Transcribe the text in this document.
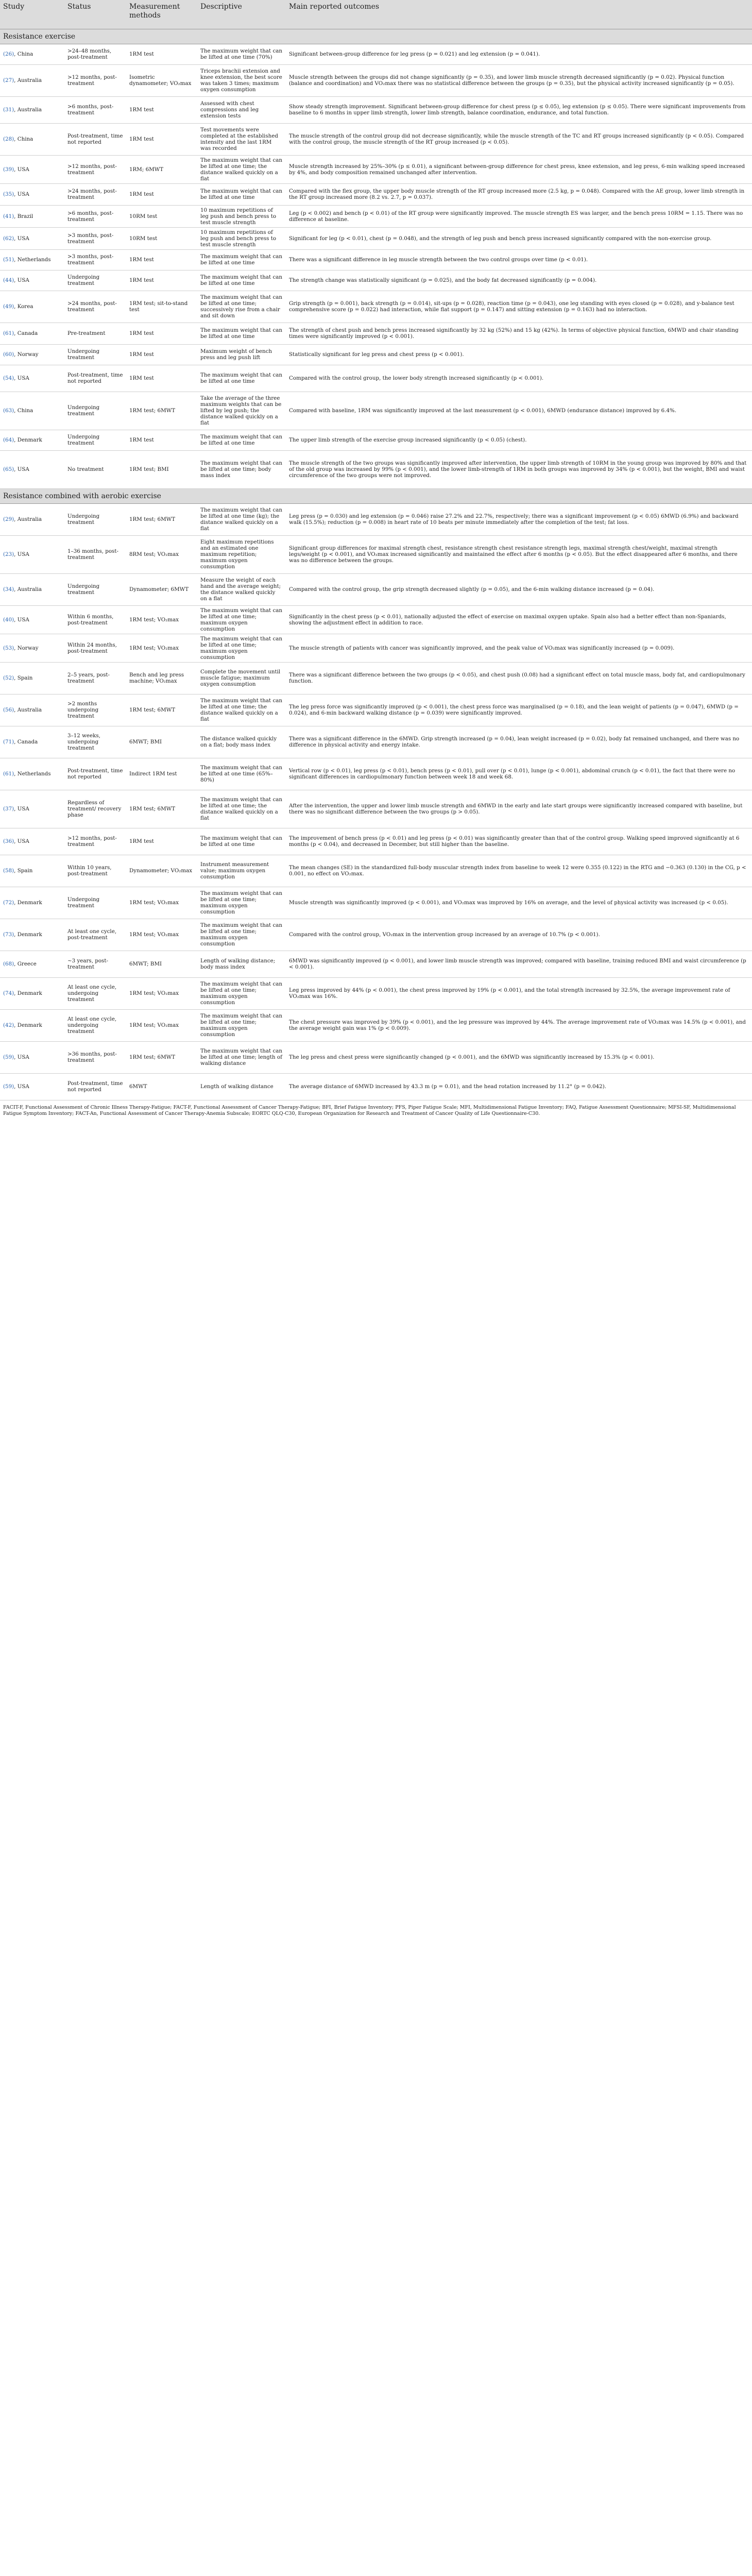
Study	Status	Measurement methods	Descriptive	Main reported outcomes
Resistance exercise				
(26), China	>24–48 months, post-treatment	1RM test	The maximum weight that can be lifted at one time (70%)	Significant between-group difference for leg press (p = 0.021) and leg extension (p = 0.041).
(27), Australia	>12 months, post-treatment	Isometric dynamometer; VO₂max	Triceps brachii extension and knee extension, the best score was taken 3 times; maximum oxygen consumption	Muscle strength between the groups did not change significantly (p = 0.35), and lower limb muscle strength decreased significantly (p = 0.02). Physical function (balance and coordination) and VO₂max there was no statistical difference between the groups (p = 0.35), but the physical activity increased significantly (p = 0.05).
(31), Australia	>6 months, post-treatment	1RM test	Assessed with chest compressions and leg extension tests	Show steady strength improvement. Significant between-group difference for chest press (p ≤ 0.05), leg extension (p ≤ 0.05). There were significant improvements from baseline to 6 months in upper limb strength, lower limb strength, balance coordination, endurance, and total function.
(28), China	Post-treatment, time not reported	1RM test	Test movements were completed at the established intensity and the last 1RM was recorded	The muscle strength of the control group did not decrease significantly, while the muscle strength of the TC and RT groups increased significantly (p < 0.05). Compared with the control group, the muscle strength of the RT group increased (p < 0.05).
(39), USA	>12 months, post-treatment	1RM; 6MWT	The maximum weight that can be lifted at one time; the distance walked quickly on a flat	Muscle strength increased by 25%–30% (p ≤ 0.01), a significant between-group difference for chest press, knee extension, and leg press, 6-min walking speed increased by 4%, and body composition remained unchanged after intervention.
(35), USA	>24 months, post-treatment	1RM test	The maximum weight that can be lifted at one time	Compared with the flex group, the upper body muscle strength of the RT group increased more (2.5 kg, p = 0.048). Compared with the AE group, lower limb strength in the RT group increased more (8.2 vs. 2.7, p = 0.037).
(41), Brazil	>6 months, post-treatment	10RM test	10 maximum repetitions of leg push and bench press to test muscle strength	Leg (p < 0.002) and bench (p < 0.01) of the RT group were significantly improved. The muscle strength ES was larger, and the bench press 10RM = 1.15. There was no difference at baseline.
(62), USA	>3 months, post-treatment	10RM test	10 maximum repetitions of leg push and bench press to test muscle strength	Significant for leg (p < 0.01), chest (p = 0.048), and the strength of leg push and bench press increased significantly compared with the non-exercise group.
(51), Netherlands	>3 months, post-treatment	1RM test	The maximum weight that can be lifted at one time	There was a significant difference in leg muscle strength between the two control groups over time (p < 0.01).
(44), USA	Undergoing treatment	1RM test	The maximum weight that can be lifted at one time	The strength change was statistically significant (p = 0.025), and the body fat decreased significantly (p = 0.004).
(49), Korea	>24 months, post-treatment	1RM test; sit-to-stand test	The maximum weight that can be lifted at one time; successively rise from a chair and sit down	Grip strength (p = 0.001), back strength (p = 0.014), sit-ups (p = 0.028), reaction time (p = 0.043), one leg standing with eyes closed (p = 0.028), and y-balance test comprehensive score (p = 0.022) had interaction, while flat support (p = 0.147) and sitting extension (p = 0.163) had no interaction.
(61), Canada	Pre-treatment	1RM test	The maximum weight that can be lifted at one time	The strength of chest push and bench press increased significantly by 32 kg (52%) and 15 kg (42%). In terms of objective physical function, 6MWD and chair standing times were significantly improved (p < 0.001).
(60), Norway	Undergoing treatment	1RM test	Maximum weight of bench press and leg push lift	Statistically significant for leg press and chest press (p < 0.001).
(54), USA	Post-treatment, time not reported	1RM test	The maximum weight that can be lifted at one time	Compared with the control group, the lower body strength increased significantly (p < 0.001).
(63), China	Undergoing treatment	1RM test; 6MWT	Take the average of the three maximum weights that can be lifted by leg push; the distance walked quickly on a flat	Compared with baseline, 1RM was significantly improved at the last measurement (p < 0.001), 6MWD (endurance distance) improved by 6.4%.
(64), Denmark	Undergoing treatment	1RM test	The maximum weight that can be lifted at one time	The upper limb strength of the exercise group increased significantly (p < 0.05) (chest).
(65), USA	No treatment	1RM test; BMI	The maximum weight that can be lifted at one time; body mass index	The muscle strength of the two groups was significantly improved after intervention, the upper limb strength of 10RM in the young group was improved by 80% and that of the old group was increased by 99% (p < 0.001), and the lower limb-strength of 1RM in both groups was improved by 34% (p < 0.001), but the weight, BMI and waist circumference of the two groups were not improved.
Resistance combined with aerobic exercise				
(29), Australia	Undergoing treatment	1RM test; 6MWT	The maximum weight that can be lifted at one time (kg); the distance walked quickly on a flat	Leg press (p = 0.030) and leg extension (p = 0.046) raise 27.2% and 22.7%, respectively; there was a significant improvement (p < 0.05) 6MWD (6.9%) and backward walk (15.5%); reduction (p = 0.008) in heart rate of 10 beats per minute immediately after the completion of the test; fat loss.
(23), USA	1–36 months, post-treatment	8RM test; VO₂max	Eight maximum repetitions and an estimated one maximum repetition; maximum oxygen consumption	Significant group differences for maximal strength chest, resistance strength chest resistance strength legs, maximal strength chest/weight, maximal strength legs/weight (p < 0.001), and VO₂max increased significantly and maintained the effect after 6 months (p < 0.05). But the effect disappeared after 6 months, and there was no difference between the groups.
(34), Australia	Undergoing treatment	Dynamometer; 6MWT	Measure the weight of each hand and the average weight; the distance walked quickly on a flat	Compared with the control group, the grip strength decreased slightly (p = 0.05), and the 6-min walking distance increased (p = 0.04).
(40), USA	Within 6 months, post-treatment	1RM test; VO₂max	The maximum weight that can be lifted at one time; maximum oxygen consumption	Significantly in the chest press (p < 0.01), nationally adjusted the effect of exercise on maximal oxygen uptake. Spain also had a better effect than non-Spaniards, showing the adjustment effect in addition to race.
(53), Norway	Within 24 months, post-treatment	1RM test; VO₂max	The maximum weight that can be lifted at one time; maximum oxygen consumption	The muscle strength of patients with cancer was significantly improved, and the peak value of VO₂max was significantly increased (p = 0.009).
(52), Spain	2–5 years, post-treatment	Bench and leg press machine; VO₂max	Complete the movement until muscle fatigue; maximum oxygen consumption	There was a significant difference between the two groups (p < 0.05), and chest push (0.08) had a significant effect on total muscle mass, body fat, and cardiopulmonary function.
(56), Australia	>2 months undergoing treatment	1RM test; 6MWT	The maximum weight that can be lifted at one time; the distance walked quickly on a flat	The leg press force was significantly improved (p < 0.001), the chest press force was marginalised (p = 0.18), and the lean weight of patients (p = 0.047), 6MWD (p = 0.024), and 6-min backward walking distance (p = 0.039) were significantly improved.
(71), Canada	3–12 weeks, undergoing treatment	6MWT; BMI	The distance walked quickly on a flat; body mass index	There was a significant difference in the 6MWD. Grip strength increased (p = 0.04), lean weight increased (p = 0.02), body fat remained unchanged, and there was no difference in physical activity and energy intake.
(61), Netherlands	Post-treatment, time not reported	Indirect 1RM test	The maximum weight that can be lifted at one time (65%–80%)	Vertical row (p < 0.01), leg press (p < 0.01), bench press (p < 0.01), pull over (p < 0.01), lunge (p < 0.001), abdominal crunch (p < 0.01), the fact that there were no significant differences in cardiopulmonary function between week 18 and week 68.
(37), USA	Regardless of treatment/ recovery phase	1RM test; 6MWT	The maximum weight that can be lifted at one time; the distance walked quickly on a flat	After the intervention, the upper and lower limb muscle strength and 6MWD in the early and late start groups were significantly increased compared with baseline, but there was no significant difference between the two groups (p > 0.05).
(36), USA	>12 months, post-treatment	1RM test	The maximum weight that can be lifted at one time	The improvement of bench press (p < 0.01) and leg press (p < 0.01) was significantly greater than that of the control group. Walking speed improved significantly at 6 months (p < 0.04), and decreased in December, but still higher than the baseline.
(58), Spain	Within 10 years, post-treatment	Dynamometer; VO₂max	Instrument measurement value; maximum oxygen consumption	The mean changes (SE) in the standardized full-body muscular strength index from baseline to week 12 were 0.355 (0.122) in the RTG and −0.363 (0.130) in the CG, p < 0.001, no effect on VO₂max.
(72), Denmark	Undergoing treatment	1RM test; VO₂max	The maximum weight that can be lifted at one time; maximum oxygen consumption	Muscle strength was significantly improved (p < 0.001), and VO₂max was improved by 16% on average, and the level of physical activity was increased (p < 0.05).
(73), Denmark	At least one cycle, post-treatment	1RM test; VO₂max	The maximum weight that can be lifted at one time; maximum oxygen consumption	Compared with the control group, VO₂max in the intervention group increased by an average of 10.7% (p < 0.001).
(68), Greece	~3 years, post-treatment	6MWT; BMI	Length of walking distance; body mass index	6MWD was significantly improved (p < 0.001), and lower limb muscle strength was improved; compared with baseline, training reduced BMI and waist circumference (p < 0.001).
(74), Denmark	At least one cycle, undergoing treatment	1RM test; VO₂max	The maximum weight that can be lifted at one time; maximum oxygen consumption	Leg press improved by 44% (p < 0.001), the chest press improved by 19% (p < 0.001), and the total strength increased by 32.5%, the average improvement rate of VO₂max was 16%.
(42), Denmark	At least one cycle, undergoing treatment	1RM test; VO₂max	The maximum weight that can be lifted at one time; maximum oxygen consumption	The chest pressure was improved by 39% (p < 0.001), and the leg pressure was improved by 44%. The average improvement rate of VO₂max was 14.5% (p < 0.001), and the average weight gain was 1% (p < 0.009).
(59), USA	>36 months, post-treatment	1RM test; 6MWT	The maximum weight that can be lifted at one time; length of walking distance	The leg press and chest press were significantly changed (p < 0.001), and the 6MWD was significantly increased by 15.3% (p < 0.001).
(59), USA	Post-treatment, time not reported	6MWT	Length of walking distance	The average distance of 6MWD increased by 43.3 m (p = 0.01), and the head rotation increased by 11.2° (p = 0.042).
FACIT-F, Functional Assessment of Chronic Illness Therapy-Fatigue; FACT-F, Functional Assessment of Cancer Therapy-Fatigue; BFI, Brief Fatigue Inventory; PFS, Piper Fatigue Scale; MFI, Multidimensional Fatigue Inventory; FAQ, Fatigue Assessment Questionnaire; MFSI-SF, Multidimensional Fatigue Symptom Inventory; FACT-An, Functional Assessment of Cancer Therapy-Anemia Subscale; EORTC QLQ-C30, European Organization for Research and Treatment of Cancer Quality of Life Questionnaire-C30.
